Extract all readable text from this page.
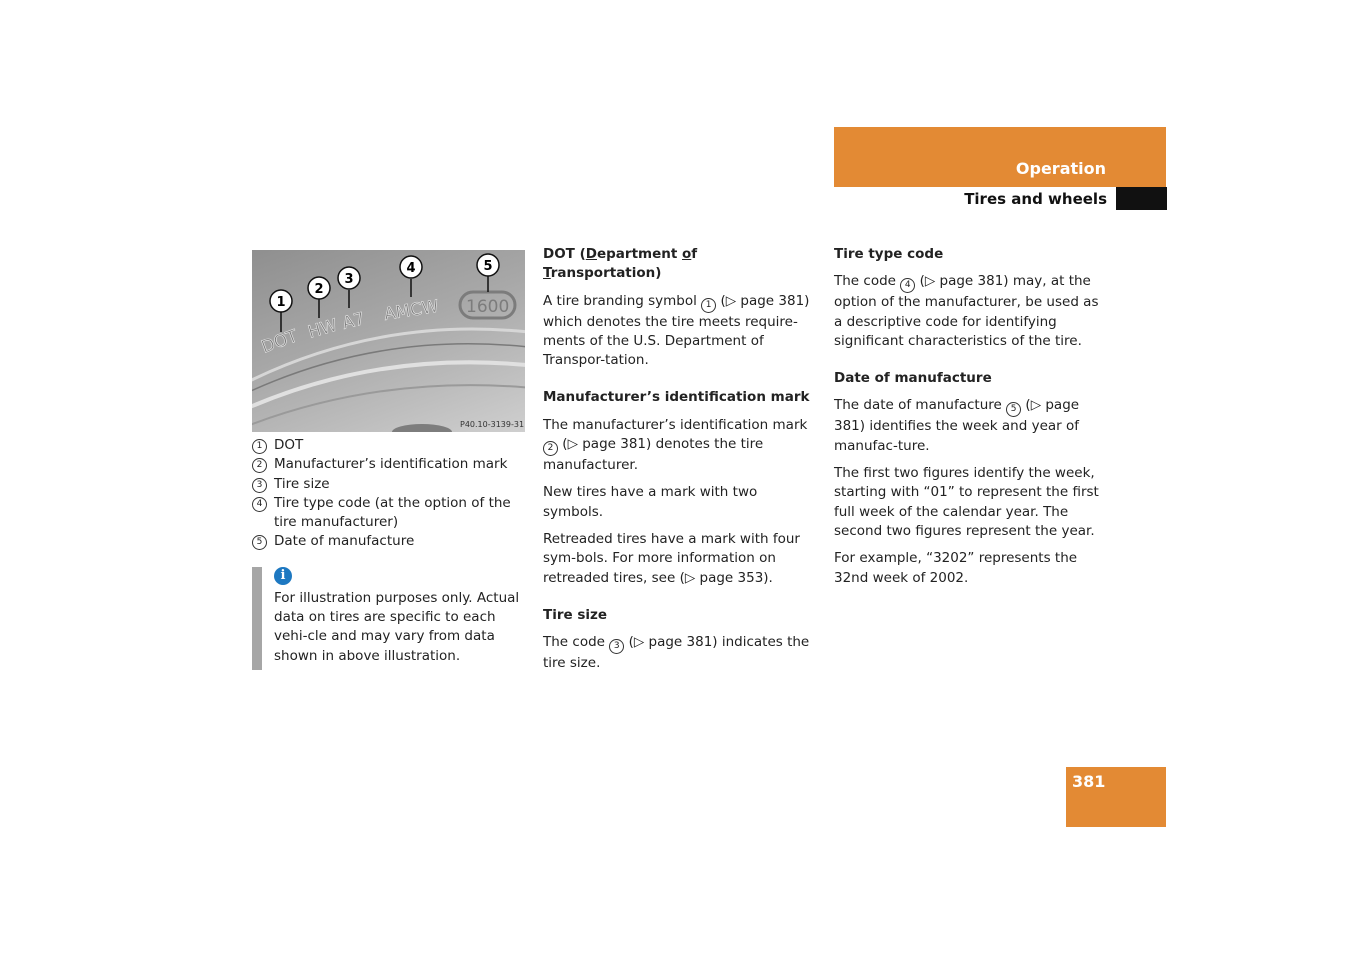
Operation
Tires and wheels
DOT HW A7 AMCW 1600
1
2
3
4	5
P40.10-3139-31
1 DOT
2 Manufacturer’s identification mark
3 Tire size
4 Tire type code (at the option of the tire manufacturer)
5 Date of manufacture
i
For illustration purposes only. Actual data on tires are specific to each vehi-cle and may vary from data shown in above illustration.
DOT (Department of Transportation)

A tire branding symbol 1 (▷ page 381) which denotes the tire meets require-ments of the U.S. Department of Transpor-tation.

Manufacturer’s identification mark

The manufacturer’s identification mark 2 (▷ page 381) denotes the tire manufacturer.

New tires have a mark with two symbols.

Retreaded tires have a mark with four sym-bols. For more information on retreaded tires, see (▷ page 353).

Tire size

The code 3 (▷ page 381) indicates the tire size.

Tire type code

The code 4 (▷ page 381) may, at the option of the manufacturer, be used as a descriptive code for identifying significant characteristics of the tire.

Date of manufacture

The date of manufacture 5 (▷ page 381) identifies the week and year of manufac-ture.

The first two figures identify the week, starting with “01” to represent the first full week of the calendar year. The second two figures represent the year.

For example, “3202” represents the 32nd week of 2002.

381
